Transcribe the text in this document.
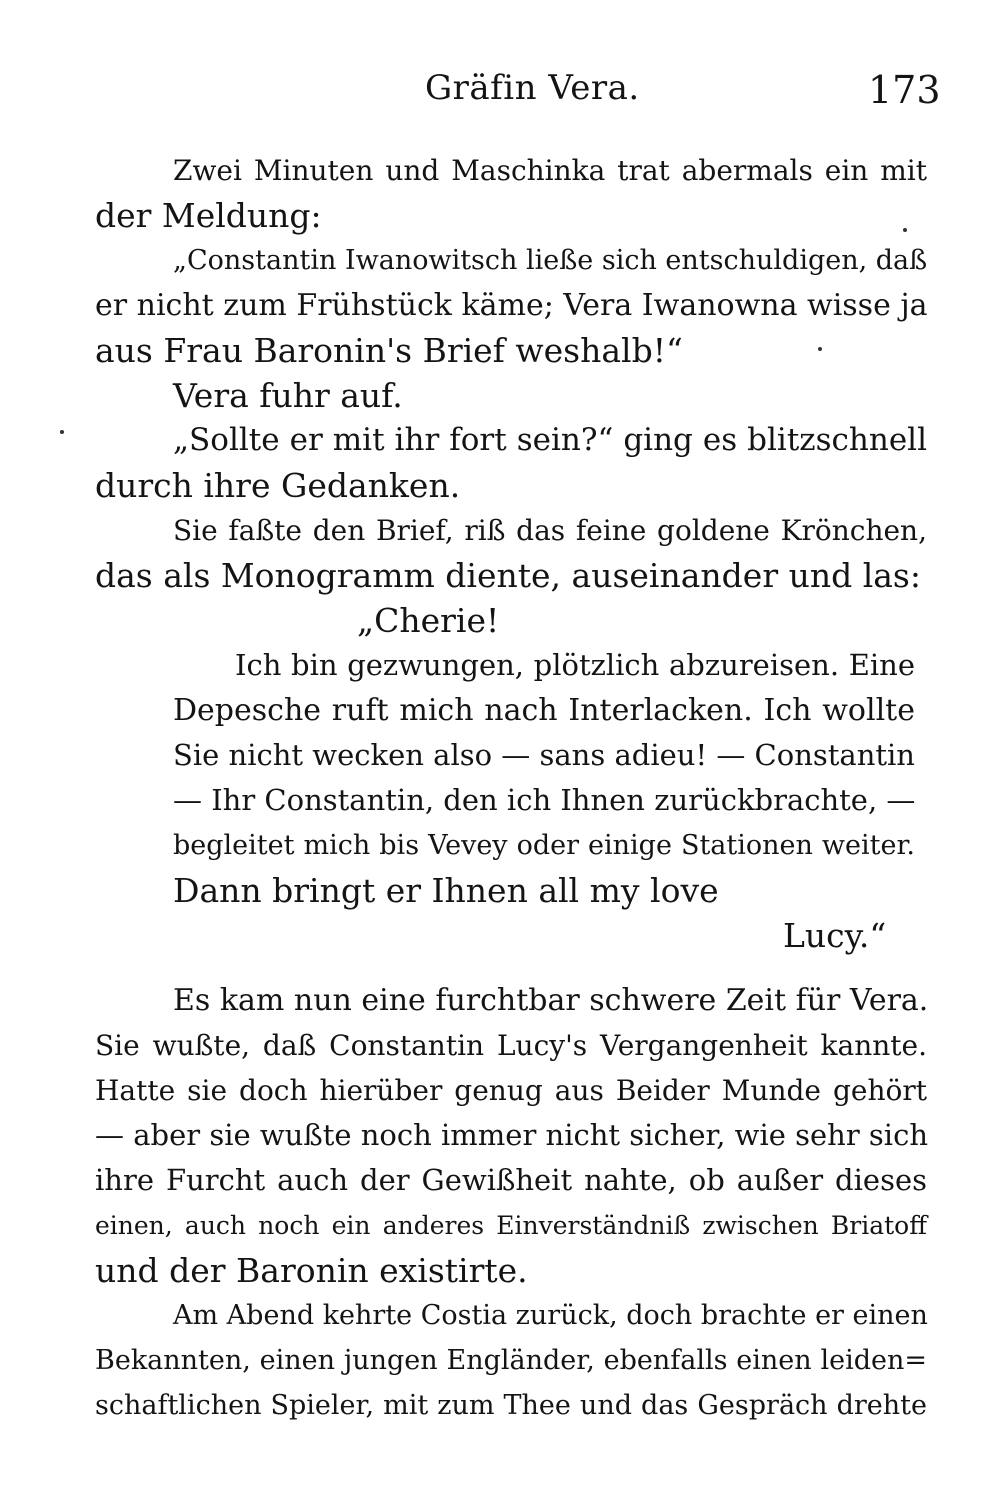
Gräfin Vera.	173
Zwei Minuten und Maschinka trat abermals ein mit
der Meldung:
„Constantin Iwanowitsch ließe sich entschuldigen, daß
er nicht zum Frühstück käme; Vera Iwanowna wisse ja
aus Frau Baronin's Brief weshalb!“
Vera fuhr auf.
„Sollte er mit ihr fort sein?“ ging es blitzschnell
durch ihre Gedanken.
Sie faßte den Brief, riß das feine goldene Krönchen,
das als Monogramm diente, auseinander und las:
„Cherie!
Ich bin gezwungen, plötzlich abzureisen. Eine
Depesche ruft mich nach Interlacken. Ich wollte
Sie nicht wecken also — sans adieu! — Constantin
— Ihr Constantin, den ich Ihnen zurückbrachte, —
begleitet mich bis Vevey oder einige Stationen weiter.
Dann bringt er Ihnen all my love
Lucy.“
Es kam nun eine furchtbar schwere Zeit für Vera.
Sie wußte, daß Constantin Lucy's Vergangenheit kannte.
Hatte sie doch hierüber genug aus Beider Munde gehört
— aber sie wußte noch immer nicht sicher, wie sehr sich
ihre Furcht auch der Gewißheit nahte, ob außer dieses
einen, auch noch ein anderes Einverständniß zwischen Briatoff
und der Baronin existirte.
Am Abend kehrte Costia zurück, doch brachte er einen
Bekannten, einen jungen Engländer, ebenfalls einen leiden=
schaftlichen Spieler, mit zum Thee und das Gespräch drehte
